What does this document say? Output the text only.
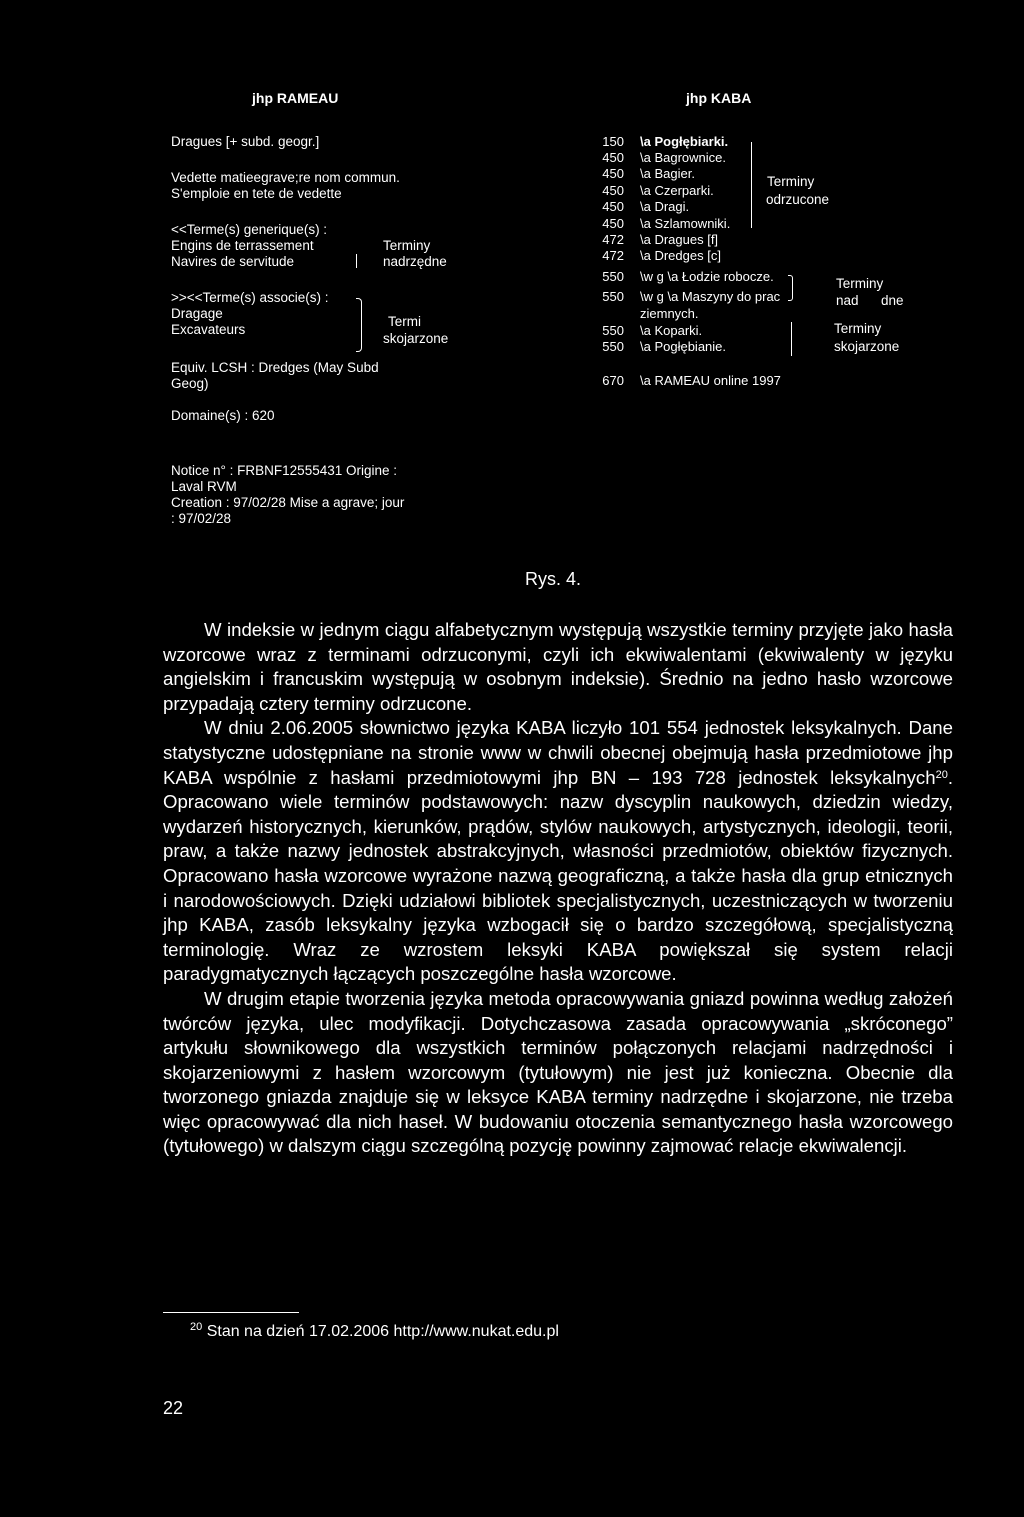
jhp RAMEAU	jhp KABA
Dragues [+ subd. geogr.]
Vedette matieegrave;re nom commun.
S'emploie en tete de vedette
<<Terme(s) generique(s) :
Engins de terrassement
Navires de servitude
Terminy
nadrzędne
>><<Terme(s) associe(s) :
Dragage
Excavateurs
Termi
skojarzone
Equiv. LCSH : Dredges (May Subd
Geog)
Domaine(s) : 620
Notice n° : FRBNF12555431 Origine :
Laval RVM
Creation : 97/02/28 Mise a agrave; jour
: 97/02/28
150 \a Pogłębiarki.
450 \a Bagrownice.
450 \a Bagier.
450 \a Czerparki.
450 \a Dragi.
450 \a Szlamowniki.
472 \a Dragues [f]
472 \a Dredges [c]
550 \w g \a Łodzie robocze.
550 \w g \a Maszyny do prac
ziemnych.
550 \a Koparki.
550 \a Pogłębianie.
670 \a RAMEAU online 1997
Terminy
odrzucone
Terminy
nad      dne
Terminy
skojarzone
Rys. 4.

W indeksie w jednym ciągu alfabetycznym występują wszystkie terminy przyjęte jako hasła wzorcowe wraz z terminami odrzuconymi, czyli ich ekwiwalentami (ekwiwalenty w języku angielskim i francuskim występują w osobnym indeksie). Średnio na jedno hasło wzorcowe przypadają cztery terminy odrzucone.

W dniu 2.06.2005 słownictwo języka KABA liczyło 101 554 jednostek leksykalnych. Dane statystyczne udostępniane na stronie www w chwili obecnej obejmują hasła przedmiotowe jhp KABA wspólnie z hasłami przedmiotowymi jhp BN – 193 728 jednostek leksykalnych$^{20}$. Opracowano wiele terminów podstawowych: nazw dyscyplin naukowych, dziedzin wiedzy, wydarzeń historycznych, kierunków, prądów, stylów naukowych, artystycznych, ideologii, teorii, praw, a także nazwy jednostek abstrakcyjnych, własności przedmiotów, obiektów fizycznych. Opracowano hasła wzorcowe wyrażone nazwą geograficzną, a także hasła dla grup etnicznych i narodowościowych. Dzięki udziałowi bibliotek specjalistycznych, uczestniczących w tworzeniu jhp KABA, zasób leksykalny języka wzbogacił się o bardzo szczegółową, specjalistyczną terminologię. Wraz ze wzrostem leksyki KABA powiększał się system relacji paradygmatycznych łączących poszczególne hasła wzorcowe.

W drugim etapie tworzenia języka metoda opracowywania gniazd powinna według założeń twórców języka, ulec modyfikacji. Dotychczasowa zasada opracowywania „skróconego” artykułu słownikowego dla wszystkich terminów połączonych relacjami nadrzędności i skojarzeniowymi z hasłem wzorcowym (tytułowym) nie jest już konieczna. Obecnie dla tworzonego gniazda znajduje się w leksyce KABA terminy nadrzędne i skojarzone, nie trzeba więc opracowywać dla nich haseł. W budowaniu otoczenia semantycznego hasła wzorcowego (tytułowego) w dalszym ciągu szczególną pozycję powinny zajmować relacje ekwiwalencji.

$^{20}$ Stan na dzień 17.02.2006 http://www.nukat.edu.pl
22
